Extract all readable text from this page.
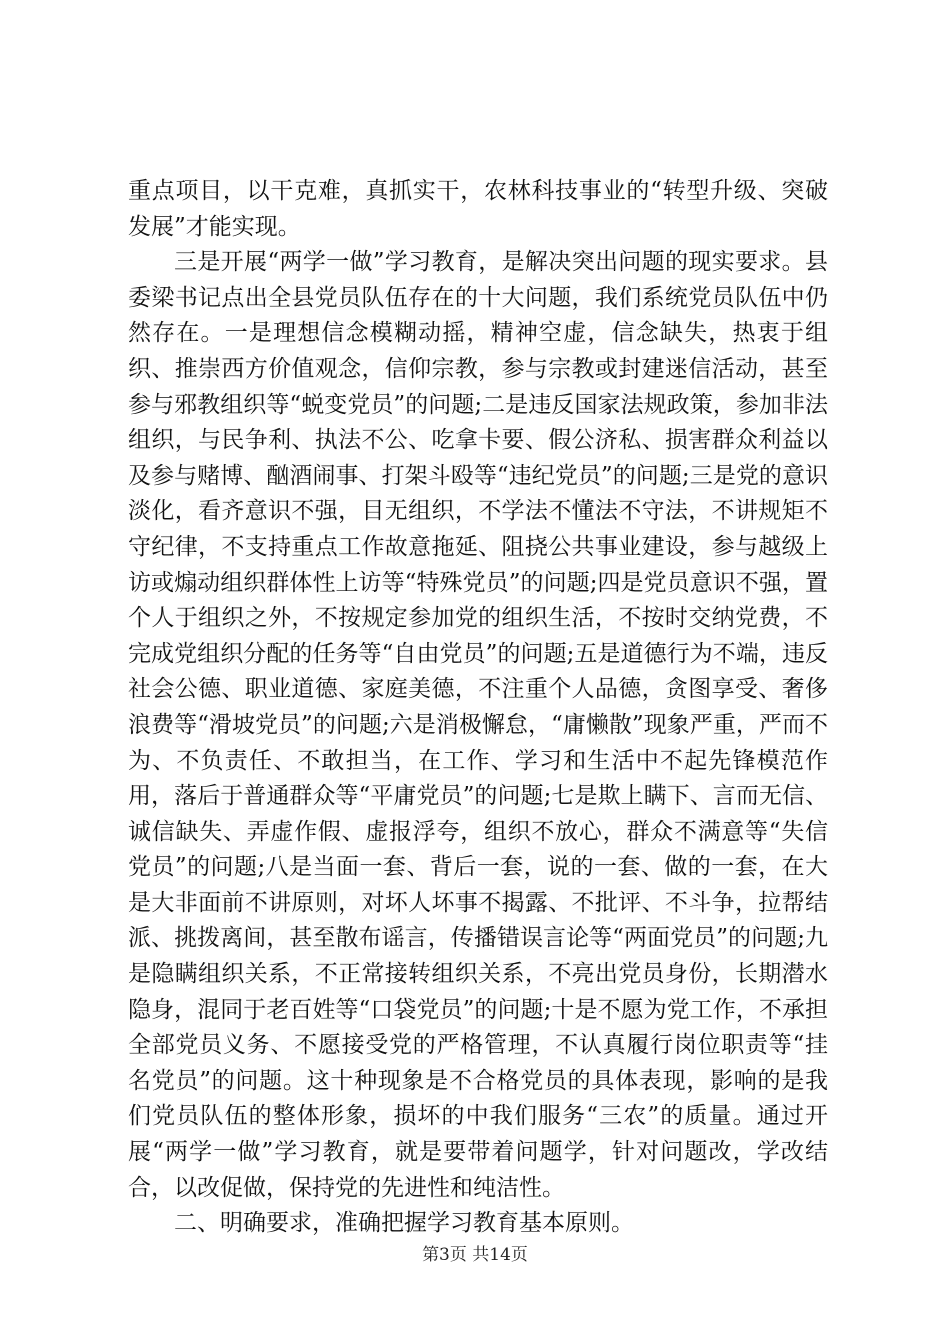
重点项目，以干克难，真抓实干，农林科技事业的“转型升级、突破发展”才能实现。

三是开展“两学一做”学习教育，是解决突出问题的现实要求。县委梁书记点出全县党员队伍存在的十大问题，我们系统党员队伍中仍然存在。一是理想信念模糊动摇，精神空虚，信念缺失，热衷于组织、推崇西方价值观念，信仰宗教，参与宗教或封建迷信活动，甚至参与邪教组织等“蜕变党员”的问题;二是违反国家法规政策，参加非法组织，与民争利、执法不公、吃拿卡要、假公济私、损害群众利益以及参与赌博、酗酒闹事、打架斗殴等“违纪党员”的问题;三是党的意识淡化，看齐意识不强，目无组织，不学法不懂法不守法，不讲规矩不守纪律，不支持重点工作故意拖延、阻挠公共事业建设，参与越级上访或煽动组织群体性上访等“特殊党员”的问题;四是党员意识不强，置个人于组织之外，不按规定参加党的组织生活，不按时交纳党费，不完成党组织分配的任务等“自由党员”的问题;五是道德行为不端，违反社会公德、职业道德、家庭美德，不注重个人品德，贪图享受、奢侈浪费等“滑坡党员”的问题;六是消极懈怠，“庸懒散”现象严重，严而不为、不负责任、不敢担当，在工作、学习和生活中不起先锋模范作用，落后于普通群众等“平庸党员”的问题;七是欺上瞒下、言而无信、诚信缺失、弄虚作假、虚报浮夸，组织不放心，群众不满意等“失信党员”的问题;八是当面一套、背后一套，说的一套、做的一套，在大是大非面前不讲原则，对坏人坏事不揭露、不批评、不斗争，拉帮结派、挑拨离间，甚至散布谣言，传播错误言论等“两面党员”的问题;九是隐瞒组织关系，不正常接转组织关系，不亮出党员身份，长期潜水隐身，混同于老百姓等“口袋党员”的问题;十是不愿为党工作，不承担全部党员义务、不愿接受党的严格管理，不认真履行岗位职责等“挂名党员”的问题。这十种现象是不合格党员的具体表现，影响的是我们党员队伍的整体形象，损坏的中我们服务“三农”的质量。通过开展“两学一做”学习教育，就是要带着问题学，针对问题改，学改结合，以改促做，保持党的先进性和纯洁性。

二、明确要求，准确把握学习教育基本原则。

第3页 共14页
